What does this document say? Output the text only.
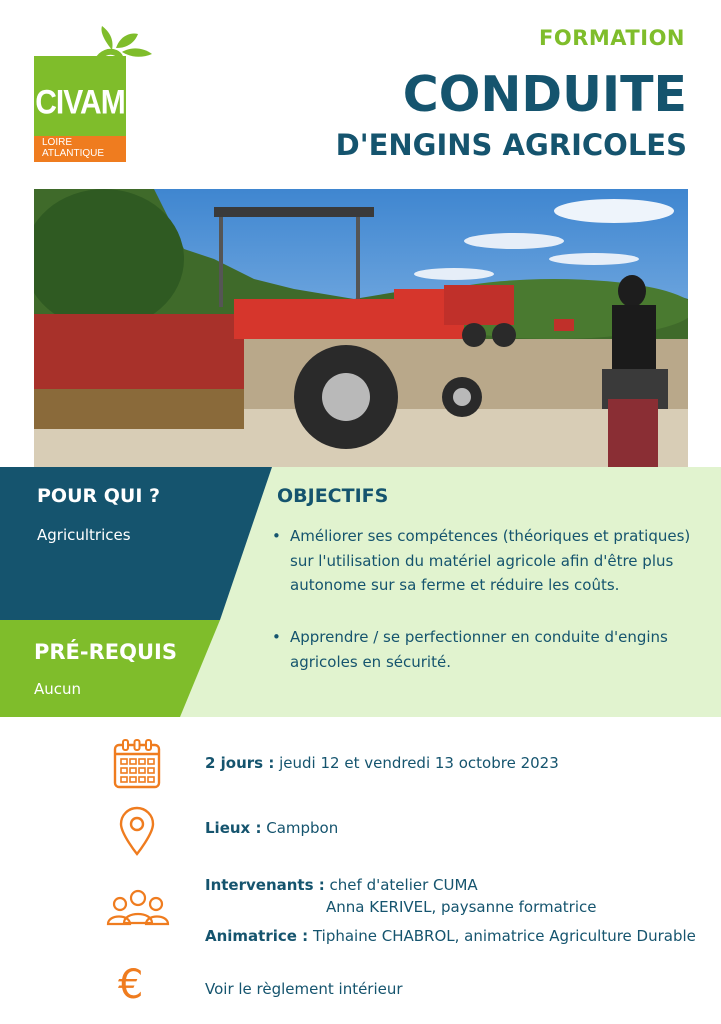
CIVAM
LOIRE
ATLANTIQUE
FORMATION
CONDUITE
D'ENGINS AGRICOLES
POUR QUI ?
Agricultrices
PRÉ-REQUIS
Aucun
OBJECTIFS
• Améliorer ses compétences (théoriques et pratiques) sur l'utilisation du matériel agricole afin d'être plus autonome sur sa ferme et réduire les coûts.
• Apprendre / se perfectionner en conduite d'engins agricoles en sécurité.
€
2 jours : jeudi 12 et vendredi 13 octobre 2023
Lieux : Campbon
Intervenants : chef d'atelier CUMA
Anna KERIVEL, paysanne formatrice
Animatrice : Tiphaine CHABROL, animatrice Agriculture Durable
Voir le règlement intérieur
